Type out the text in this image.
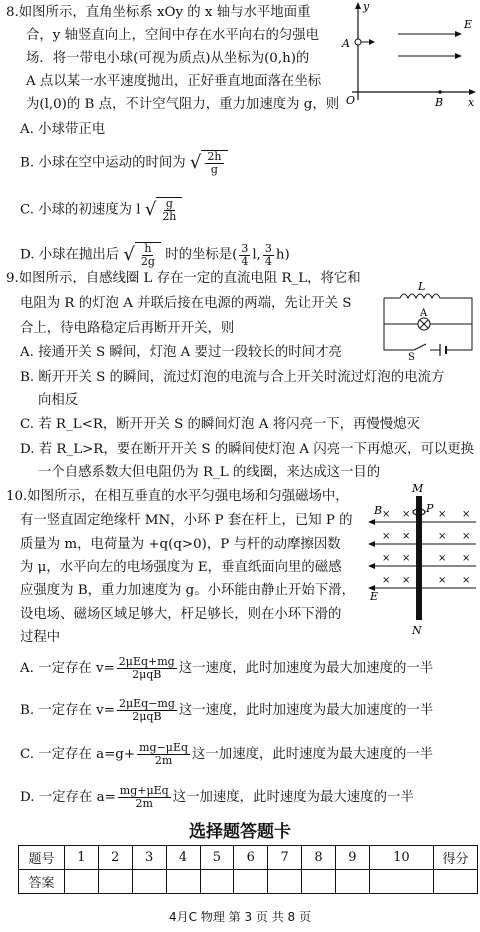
8.如图所示，直角坐标系 xOy 的 x 轴与水平地面重
合，y 轴竖直向上，空间中存在水平向右的匀强电
场．将一带电小球(可视为质点)从坐标为(0,h)的
A 点以某一水平速度抛出，正好垂直地面落在坐标
为(l,0)的 B 点，不计空气阻力，重力加速度为 g，则
A. 小球带正电
B. 小球在空中运动的时间为 √ $\frac{2h}{g}$
C. 小球的初速度为 l √ $\frac{g}{2h}$
D. 小球在抛出后 √ $\frac{h}{2g}$ 时的坐标是( $\frac{3}{4} l$, $\frac{3}{4} h$)
y
E
A
O	B x
9.如图所示，自感线圈 L 存在一定的直流电阻 R_L，将它和
电阻为 R 的灯泡 A 并联后接在电源的两端，先让开关 S
合上，待电路稳定后再断开开关，则
A. 接通开关 S 瞬间，灯泡 A 要过一段较长的时间才亮
B. 断开开关 S 的瞬间，流过灯泡的电流与合上开关时流过灯泡的电流方
向相反
C. 若 R_L<R，断开开关 S 的瞬间灯泡 A 将闪亮一下，再慢慢熄灭
D. 若 R_L>R，要在断开开关 S 的瞬间使灯泡 A 闪亮一下再熄灭，可以更换
一个自感系数大但电阻仍为 R_L 的线圈，来达成这一目的
L
A
S
10.如图所示，在相互垂直的水平匀强电场和匀强磁场中，
有一竖直固定绝缘杆 MN，小环 P 套在杆上，已知 P 的
质量为 m，电荷量为 +q(q>0)，P 与杆的动摩擦因数
为 μ，水平向左的电场强度为 E，垂直纸面向里的磁感
应强度为 B，重力加速度为 g。小环能由静止开始下滑，
设电场、磁场区域足够大，杆足够长，则在小环下滑的
过程中
A. 一定存在 $v= \frac{\text{2μEq+mg}}{\text{2μqB}}$ 这一速度，此时加速度为最大加速度的一半
B. 一定存在 $v= \frac{\text{2μEq−mg}}{\text{2μqB}}$ 这一速度，此时加速度为最大加速度的一半
C. 一定存在 $a=g+ \frac{\text{mg−μEq}}{2m}$ 这一加速度，此时速度为最大速度的一半
D. 一定存在 $a= \frac{\text{mg+μEq}}{2m}$ 这一加速度，此时速度为最大速度的一半
M
N
B	P
E
× ×	× ×
× ×	× ×
× ×	× ×
× ×	× ×
选择题答题卡
题号	1	2	3	4	5	6	7	8	9	10	得分
答案											
4月C 物理 第 3 页 共 8 页
